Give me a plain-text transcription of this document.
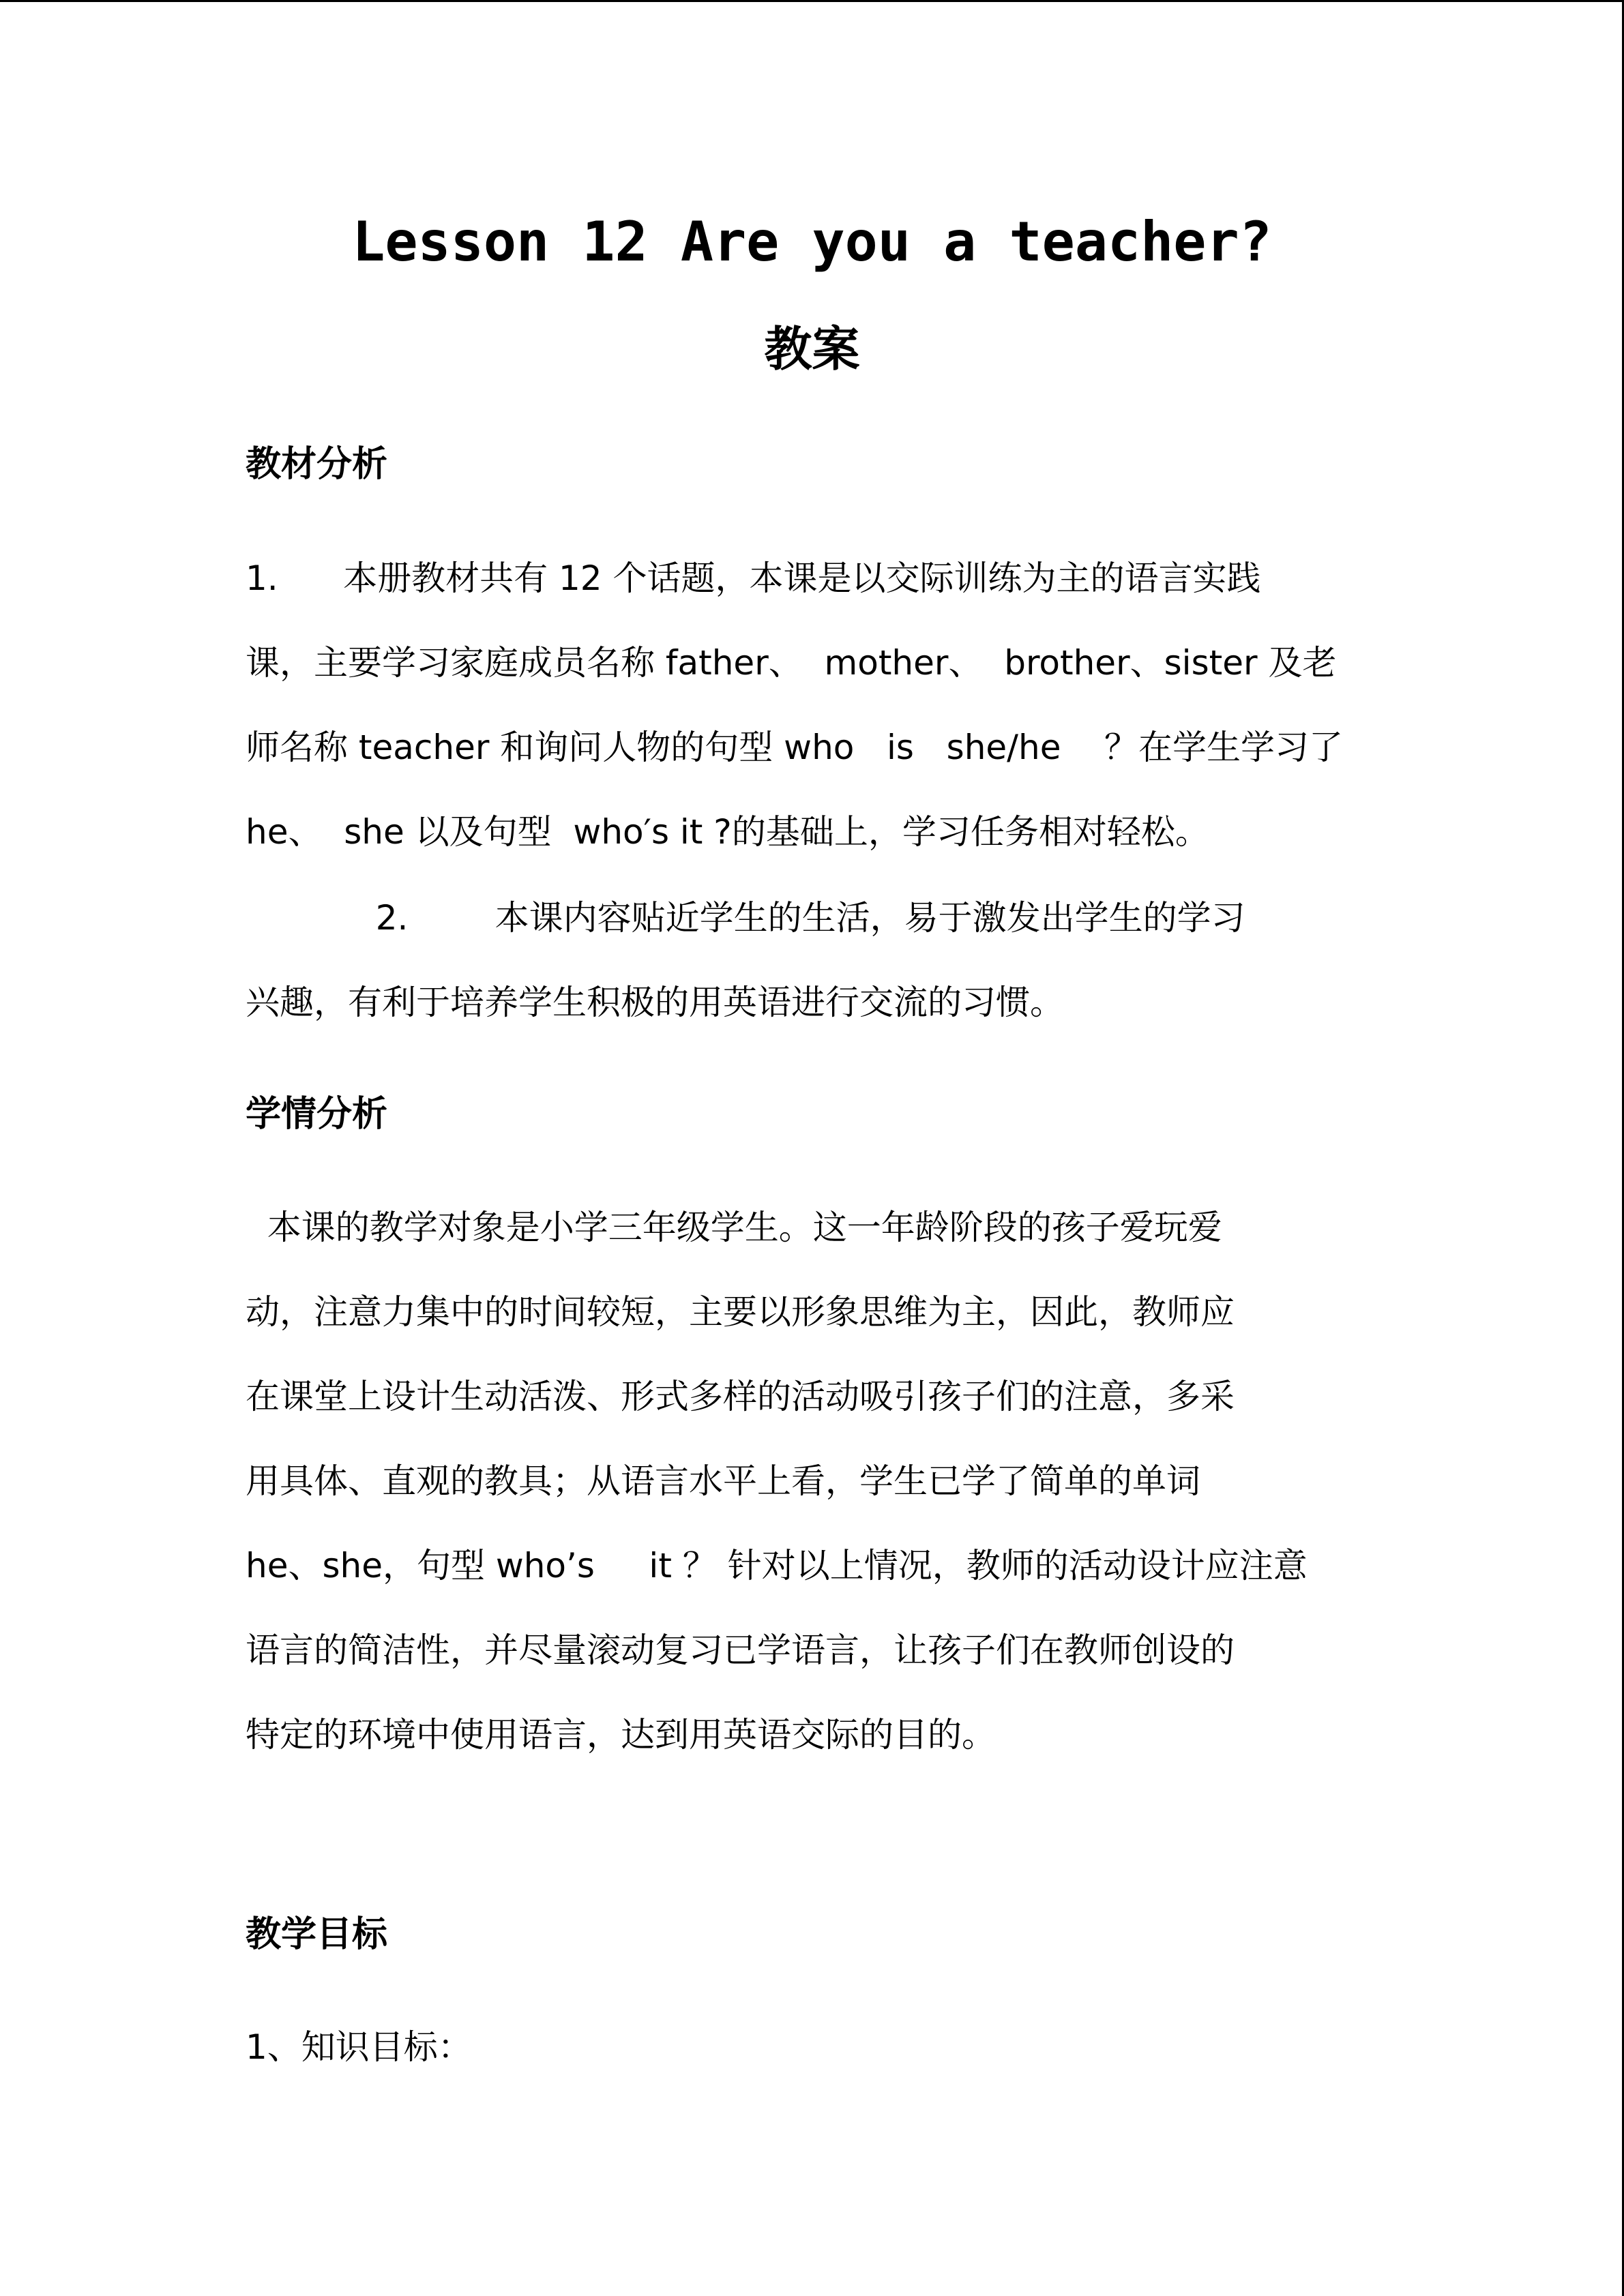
Lesson 12 Are you a teacher?
教案
教材分析
1.      本册教材共有 12 个话题，本课是以交际训练为主的语言实践
课，主要学习家庭成员名称 father、  mother、  brother、sister 及老
师名称 teacher 和询问人物的句型 who   is   she/he    ？在学生学习了
he、  she 以及句型  who′s it ?的基础上，学习任务相对轻松。
2.        本课内容贴近学生的生活，易于激发出学生的学习
兴趣，有利于培养学生积极的用英语进行交流的习惯。
学情分析
本课的教学对象是小学三年级学生。这一年龄阶段的孩子爱玩爱
动，注意力集中的时间较短，主要以形象思维为主，因此，教师应
在课堂上设计生动活泼、形式多样的活动吸引孩子们的注意，多采
用具体、直观的教具；从语言水平上看，学生已学了简单的单词
he、she，句型 who’s     it ？ 针对以上情况，教师的活动设计应注意
语言的简洁性，并尽量滚动复习已学语言，让孩子们在教师创设的
特定的环境中使用语言，达到用英语交际的目的。
教学目标
1、知识目标：
